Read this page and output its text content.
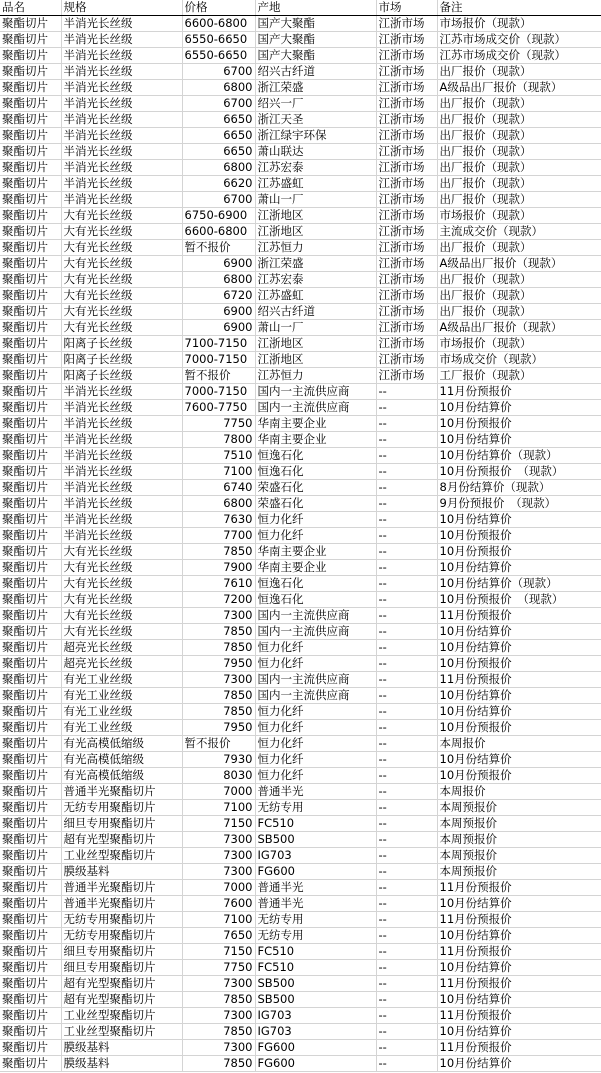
品名	规格	价格	产地	市场	备注
聚酯切片	半消光长丝级	6600-6800	国产大聚酯	江浙市场	市场报价（现款）
聚酯切片	半消光长丝级	6550-6650	国产大聚酯	江浙市场	江苏市场成交价（现款）
聚酯切片	半消光长丝级	6550-6650	国产大聚酯	江浙市场	江苏市场成交价（现款）
聚酯切片	半消光长丝级	6700	绍兴古纤道	江浙市场	出厂报价（现款）
聚酯切片	半消光长丝级	6800	浙江荣盛	江浙市场	A级品出厂报价（现款）
聚酯切片	半消光长丝级	6700	绍兴一厂	江浙市场	出厂报价（现款）
聚酯切片	半消光长丝级	6650	浙江天圣	江浙市场	出厂报价（现款）
聚酯切片	半消光长丝级	6650	浙江绿宇环保	江浙市场	出厂报价（现款）
聚酯切片	半消光长丝级	6650	萧山联达	江浙市场	出厂报价（现款）
聚酯切片	半消光长丝级	6800	江苏宏泰	江浙市场	出厂报价（现款）
聚酯切片	半消光长丝级	6620	江苏盛虹	江浙市场	出厂报价（现款）
聚酯切片	半消光长丝级	6700	萧山一厂	江浙市场	出厂报价（现款）
聚酯切片	大有光长丝级	6750-6900	江浙地区	江浙市场	市场报价（现款）
聚酯切片	大有光长丝级	6600-6800	江浙地区	江浙市场	主流成交价（现款）
聚酯切片	大有光长丝级	暂不报价	江苏恒力	江浙市场	出厂报价（现款）
聚酯切片	大有光长丝级	6900	浙江荣盛	江浙市场	A级品出厂报价（现款）
聚酯切片	大有光长丝级	6800	江苏宏泰	江浙市场	出厂报价（现款）
聚酯切片	大有光长丝级	6720	江苏盛虹	江浙市场	出厂报价（现款）
聚酯切片	大有光长丝级	6900	绍兴古纤道	江浙市场	出厂报价（现款）
聚酯切片	大有光长丝级	6900	萧山一厂	江浙市场	A级品出厂报价（现款）
聚酯切片	阳离子长丝级	7100-7150	江浙地区	江浙市场	市场报价（现款）
聚酯切片	阳离子长丝级	7000-7150	江浙地区	江浙市场	市场成交价（现款）
聚酯切片	阳离子长丝级	暂不报价	江苏恒力	江浙市场	工厂报价（现款）
聚酯切片	半消光长丝级	7000-7150	国内一主流供应商	--	11月份预报价
聚酯切片	半消光长丝级	7600-7750	国内一主流供应商	--	10月份结算价
聚酯切片	半消光长丝级	7750	华南主要企业	--	10月份预报价
聚酯切片	半消光长丝级	7800	华南主要企业	--	10月份结算价
聚酯切片	半消光长丝级	7510	恒逸石化	--	10月份结算价（现款）
聚酯切片	半消光长丝级	7100	恒逸石化	--	10月份预报价　（现款）
聚酯切片	半消光长丝级	6740	荣盛石化	--	8月份结算价（现款）
聚酯切片	半消光长丝级	6800	荣盛石化	--	9月份预报价　（现款）
聚酯切片	半消光长丝级	7630	恒力化纤	--	10月份结算价
聚酯切片	半消光长丝级	7700	恒力化纤	--	10月份预报价
聚酯切片	大有光长丝级	7850	华南主要企业	--	10月份预报价
聚酯切片	大有光长丝级	7900	华南主要企业	--	10月份结算价
聚酯切片	大有光长丝级	7610	恒逸石化	--	10月份结算价（现款）
聚酯切片	大有光长丝级	7200	恒逸石化	--	10月份预报价　（现款）
聚酯切片	大有光长丝级	7300	国内一主流供应商	--	11月份预报价
聚酯切片	大有光长丝级	7850	国内一主流供应商	--	10月份结算价
聚酯切片	超亮光长丝级	7850	恒力化纤	--	10月份结算价
聚酯切片	超亮光长丝级	7950	恒力化纤	--	10月份预报价
聚酯切片	有光工业丝级	7300	国内一主流供应商	--	11月份预报价
聚酯切片	有光工业丝级	7850	国内一主流供应商	--	10月份结算价
聚酯切片	有光工业丝级	7850	恒力化纤	--	10月份结算价
聚酯切片	有光工业丝级	7950	恒力化纤	--	10月份预报价
聚酯切片	有光高模低缩级	暂不报价	恒力化纤	--	本周报价
聚酯切片	有光高模低缩级	7930	恒力化纤	--	10月份结算价
聚酯切片	有光高模低缩级	8030	恒力化纤	--	10月份预报价
聚酯切片	普通半光聚酯切片	7000	普通半光	--	本周报价
聚酯切片	无纺专用聚酯切片	7100	无纺专用	--	本周预报价
聚酯切片	细旦专用聚酯切片	7150	FC510	--	本周预报价
聚酯切片	超有光型聚酯切片	7300	SB500	--	本周预报价
聚酯切片	工业丝型聚酯切片	7300	IG703	--	本周预报价
聚酯切片	膜级基料	7300	FG600	--	本周预报价
聚酯切片	普通半光聚酯切片	7000	普通半光	--	11月份预报价
聚酯切片	普通半光聚酯切片	7600	普通半光	--	10月份结算价
聚酯切片	无纺专用聚酯切片	7100	无纺专用	--	11月份预报价
聚酯切片	无纺专用聚酯切片	7650	无纺专用	--	10月份结算价
聚酯切片	细旦专用聚酯切片	7150	FC510	--	11月份预报价
聚酯切片	细旦专用聚酯切片	7750	FC510	--	10月份结算价
聚酯切片	超有光型聚酯切片	7300	SB500	--	11月份预报价
聚酯切片	超有光型聚酯切片	7850	SB500	--	10月份结算价
聚酯切片	工业丝型聚酯切片	7300	IG703	--	11月份预报价
聚酯切片	工业丝型聚酯切片	7850	IG703	--	10月份结算价
聚酯切片	膜级基料	7300	FG600	--	11月份预报价
聚酯切片	膜级基料	7850	FG600	--	10月份结算价
